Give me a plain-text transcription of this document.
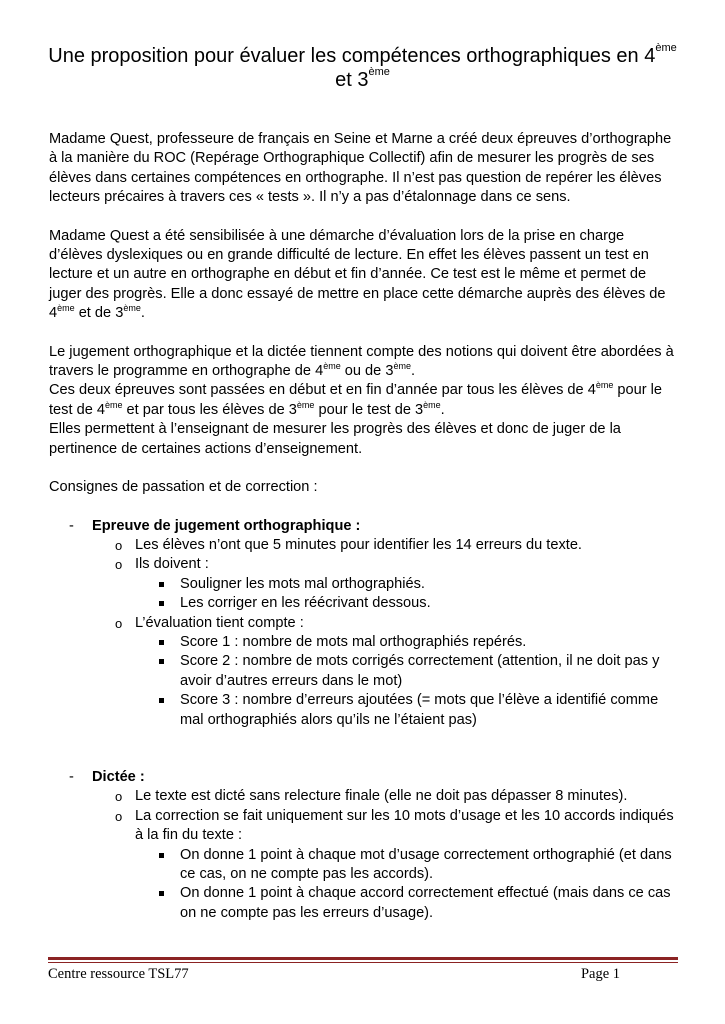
Une proposition pour évaluer les compétences orthographiques en 4ème
et 3ème

Madame Quest, professeure de français en Seine et Marne a créé deux épreuves d’orthographe à la manière du ROC (Repérage Orthographique Collectif) afin de mesurer les progrès de ses élèves dans certaines compétences en orthographe. Il n’est pas question de repérer les élèves lecteurs précaires à travers ces « tests ». Il n’y a pas d’étalonnage dans ce sens.

Madame Quest a été sensibilisée à une démarche d’évaluation lors de la prise en charge d’élèves dyslexiques ou en grande difficulté de lecture. En effet les élèves passent un test en lecture et un autre en orthographe en début et fin d’année. Ce test est le même et permet de juger des progrès. Elle a donc essayé de mettre en place cette démarche auprès des élèves de 4ème et de 3ème.

Le jugement orthographique et la dictée tiennent compte des notions qui doivent être abordées à travers le programme en orthographe de 4ème ou de 3ème.

Ces deux épreuves sont passées en début et en fin d’année par tous les élèves de 4ème pour le test de 4ème et par tous les élèves de 3ème pour le test de 3ème.

Elles permettent à l’enseignant de mesurer les progrès des élèves et donc de juger de la pertinence de certaines actions d’enseignement.

Consignes de passation et de correction :

- Epreuve de jugement orthographique :
o Les élèves n’ont que 5 minutes pour identifier les 14 erreurs du texte.
o Ils doivent :
Souligner les mots mal orthographiés.
Les corriger en les réécrivant dessous.
o L’évaluation tient compte :
Score 1 : nombre de mots mal orthographiés repérés.
Score 2 : nombre de mots corrigés correctement (attention, il ne doit pas y avoir d’autres erreurs dans le mot)
Score 3 : nombre d’erreurs ajoutées (= mots que l’élève a identifié comme mal orthographiés alors qu’ils ne l’étaient pas)
- Dictée :
o Le texte est dicté sans relecture finale (elle ne doit pas dépasser 8 minutes).
o La correction se fait uniquement sur les 10 mots d’usage et les 10 accords indiqués à la fin du texte :
On donne 1 point à chaque mot d’usage correctement orthographié (et dans ce cas, on ne compte pas les accords).
On donne 1 point à chaque accord correctement effectué (mais dans ce cas on ne compte pas les erreurs d’usage).
Centre ressource TSL77	Page 1
